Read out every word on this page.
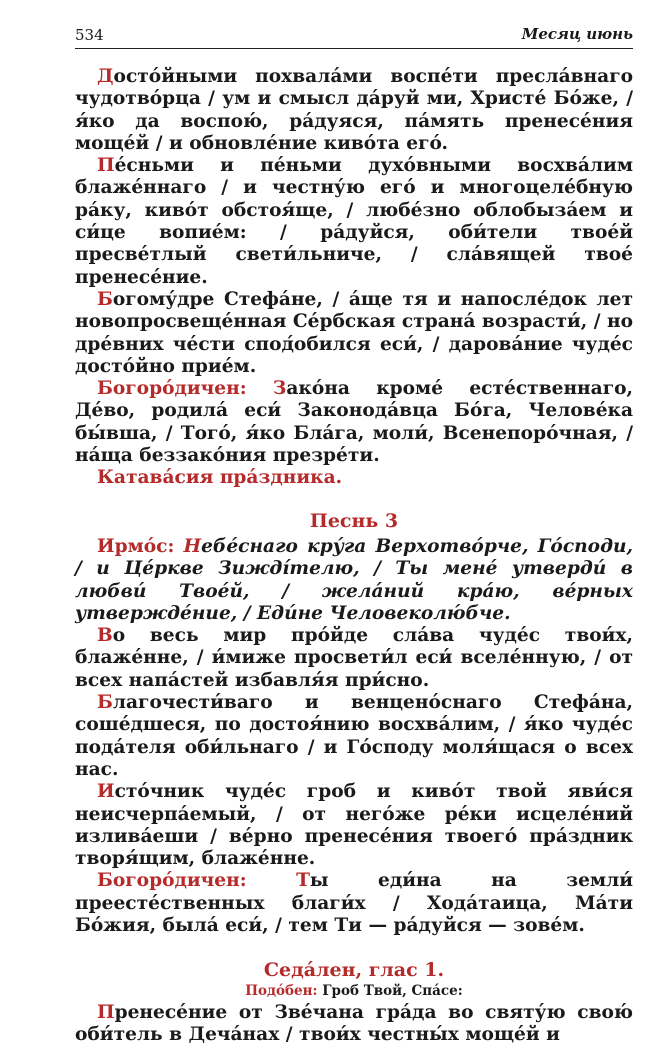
534	Месяц июнь

Достóйными похвалáми воспéти преслáвнаго чудотвóрца / ум и смысл дáруй ми, Христé Бóже, / я́ко да воспою́, рáдуяся, пáмять пренесéния мощéй / и обновлéние кивóта егó.

Пéсньми и пéньми духóвными восхвáлим блажéннаго / и честну́ю егó и многоцелéбную рáку, кивóт обстоя́ще, / любéзно облобызáем и си́це вопиéм: / рáдуйся, оби́тели твоéй пресвéтлый свети́льниче, / слáвящей твоé пренесéние.

Богому́дре Стефáне, / áще тя и напослéдок лет новопросвещéнная Сéрбская странá возрасти́, / но дрéвних чéсти спод́обился еси́, / даровáние чудéс достóйно приéм.

Богорóдичен: Закóна кромé естéственнаго, Дéво, родилá еси́ Законодáвца Бóга, Человéка бы́вша, / Тогó, я́ко Блáга, моли́, Всенепорóчная, / нáща беззакóния презрéти.

Катавáсия прáздника.

Песнь 3

Ирмóс: Небéснаго кру́га Верхотвóрче, Гóсподи, / и Цéркве Зиждíтелю, / Ты менé утверди́ в любви́ Твоéй, / желáний крáю, вéрных утверждéние, / Еди́не Человеколю́бче.

Во весь мир прóйде слáва чудéс твои́х, блажéнне, / и́миже просвети́л еси́ вселéнную, / от всех напáстей избавля́я при́сно.

Благочести́ваго и венценóснаго Стефáна, сошéдшеся, по достоя́нию восхвáлим, / я́ко чудéс подáтеля оби́льнаго / и Гóсподу моля́щася о всех нас.

Истóчник чудéс гроб и кивóт твой яви́ся неисчерпáемый, / от негóже рéки исцелéний изливáеши / вéрно пренесéния твоегó прáздник творя́щим, блажéнне.

Богорóдичен:	Ты еди́на на земли́ преестéственных благи́х / Ходáтаица, Мáти Бóжия, былá еси́, / тем Ти — рáдуйся — зовéм.

Седáлен, глас 1.

Подóбен: Гроб Твой, Спáсе:

Пренесéние от Звéчана грáда во святу́ю свою́ оби́тель в Дечáнах / твои́х честны́х мощéй и
